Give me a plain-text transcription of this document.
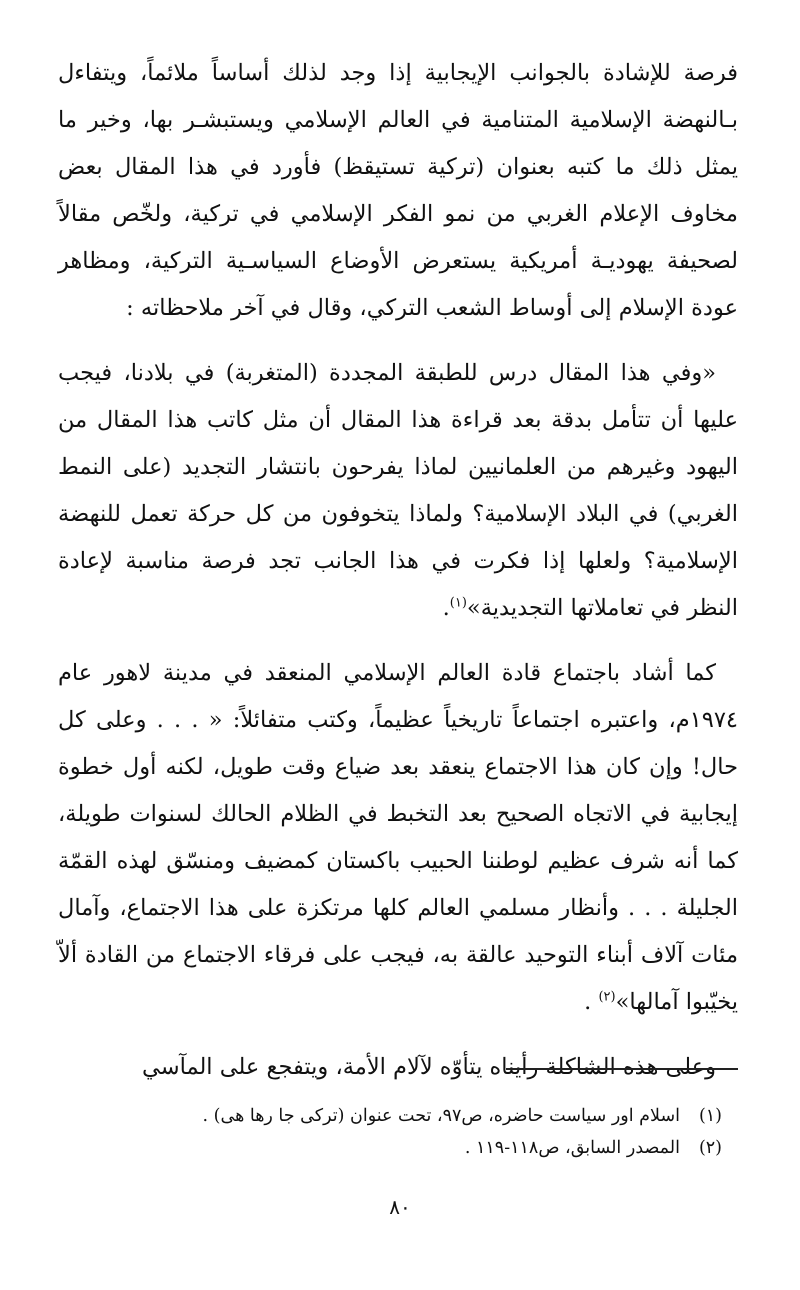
فرصة للإشادة بالجوانب الإيجابية إذا وجد لذلك أساساً ملائماً، ويتفاءل بـالنهضة الإسلامية المتنامية في العالم الإسلامي ويستبشـر بها، وخير ما يمثل ذلك ما كتبه بعنوان (تركية تستيقظ) فأورد في هذا المقال بعض مخاوف الإعلام الغربي من نمو الفكر الإسلامي في تركية، ولخّص مقالاً لصحيفة يهوديـة أمريكية يستعرض الأوضاع السياسـية التركية، ومظاهر عودة الإسلام إلى أوساط الشعب التركي، وقال في آخر ملاحظاته :

«وفي هذا المقال درس للطبقة المجددة (المتغربة) في بلادنا، فيجب عليها أن تتأمل بدقة بعد قراءة هذا المقال أن مثل كاتب هذا المقال من اليهود وغيرهم من العلمانيين لماذا يفرحون بانتشار التجديد (على النمط الغربي) في البلاد الإسلامية؟ ولماذا يتخوفون من كل حركة تعمل للنهضة الإسلامية؟ ولعلها إذا فكرت في هذا الجانب تجد فرصة مناسبة لإعادة النظر في تعاملاتها التجديدية»$^{(١)}$.

كما أشاد باجتماع قادة العالم الإسلامي المنعقد في مدينة لاهور عام ١٩٧٤م، واعتبره اجتماعاً تاريخياً عظيماً، وكتب متفائلاً: « . . . وعلى كل حال! وإن كان هذا الاجتماع ينعقد بعد ضياع وقت طويل، لكنه أول خطوة إيجابية في الاتجاه الصحيح بعد التخبط في الظلام الحالك لسنوات طويلة، كما أنه شرف عظيم لوطننا الحبيب باكستان كمضيف ومنسّق لهذه القمّة الجليلة . . . وأنظار مسلمي العالم كلها مرتكزة على هذا الاجتماع، وآمال مئات آلاف أبناء التوحيد عالقة به، فيجب على فرقاء الاجتماع من القادة ألاّ يخيّبوا آمالها»$^{(٢)}$ .

وعلى هذه الشاكلة رأيناه يتأوّه لآلام الأمة، ويتفجع على المآسي

(١)
اسلام اور سياست حاضره، ص٩٧، تحت عنوان (تركى جا رها هى) .
(٢)
المصدر السابق، ص١١٨-١١٩ .
٨٠
